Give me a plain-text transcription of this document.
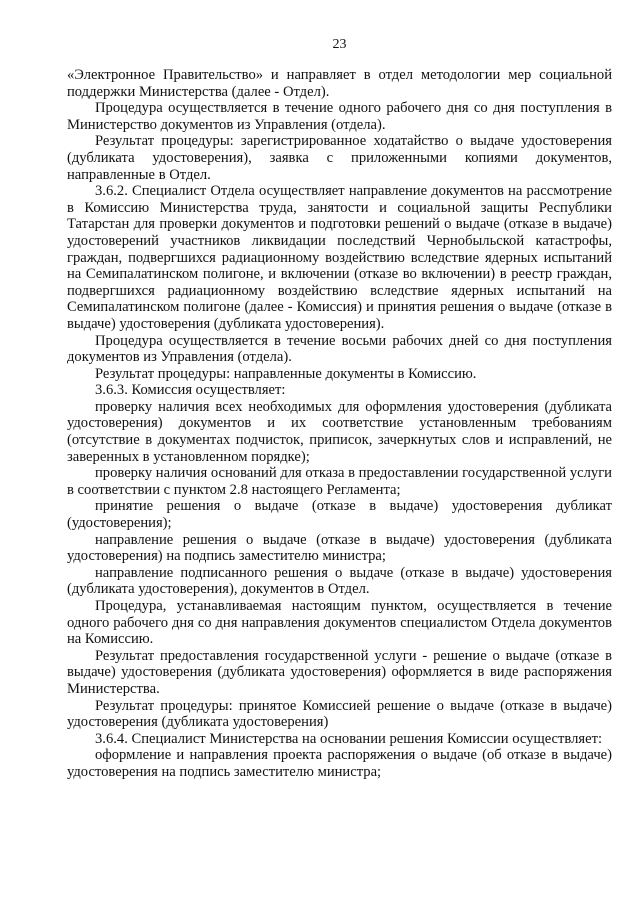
23

«Электронное Правительство» и направляет в отдел методологии мер социальной поддержки Министерства (далее - Отдел).

Процедура осуществляется в течение одного рабочего дня со дня поступления в Министерство документов из Управления (отдела).

Результат процедуры: зарегистрированное ходатайство о выдаче удостоверения (дубликата удостоверения), заявка с приложенными копиями документов, направленные в Отдел.

3.6.2. Специалист Отдела осуществляет направление документов на рассмотрение в Комиссию Министерства труда, занятости и социальной защиты Республики Татарстан для проверки документов и подготовки решений о выдаче (отказе в выдаче) удостоверений участников ликвидации последствий Чернобыльской катастрофы, граждан, подвергшихся радиационному воздействию вследствие ядерных испытаний на Семипалатинском полигоне, и включении (отказе во включении) в реестр граждан, подвергшихся радиационному воздействию вследствие ядерных испытаний на Семипалатинском полигоне (далее - Комиссия) и принятия решения о выдаче (отказе в выдаче) удостоверения (дубликата удостоверения).

Процедура осуществляется в течение восьми рабочих дней со дня поступления документов из Управления (отдела).

Результат процедуры: направленные документы в Комиссию.

3.6.3. Комиссия осуществляет:

проверку наличия всех необходимых для оформления удостоверения (дубликата удостоверения) документов и их соответствие установленным требованиям (отсутствие в документах подчисток, приписок, зачеркнутых слов и исправлений, не заверенных в установленном порядке);

проверку наличия оснований для отказа в предоставлении государственной услуги в соответствии с пунктом 2.8 настоящего Регламента;

принятие решения о выдаче (отказе в выдаче) удостоверения дубликат (удостоверения);

направление решения о выдаче (отказе в выдаче) удостоверения (дубликата удостоверения) на подпись заместителю министра;

направление подписанного решения о выдаче (отказе в выдаче) удостоверения (дубликата удостоверения), документов в Отдел.

Процедура, устанавливаемая настоящим пунктом, осуществляется в течение одного рабочего дня со дня направления документов специалистом Отдела документов на Комиссию.

Результат предоставления государственной услуги - решение о выдаче (отказе в выдаче) удостоверения (дубликата удостоверения) оформляется в виде распоряжения Министерства.

Результат процедуры: принятое Комиссией решение о выдаче (отказе в выдаче) удостоверения (дубликата удостоверения)

3.6.4. Специалист Министерства на основании решения Комиссии осуществляет:

оформление и направления проекта распоряжения о выдаче (об отказе в выдаче) удостоверения на подпись заместителю министра;
